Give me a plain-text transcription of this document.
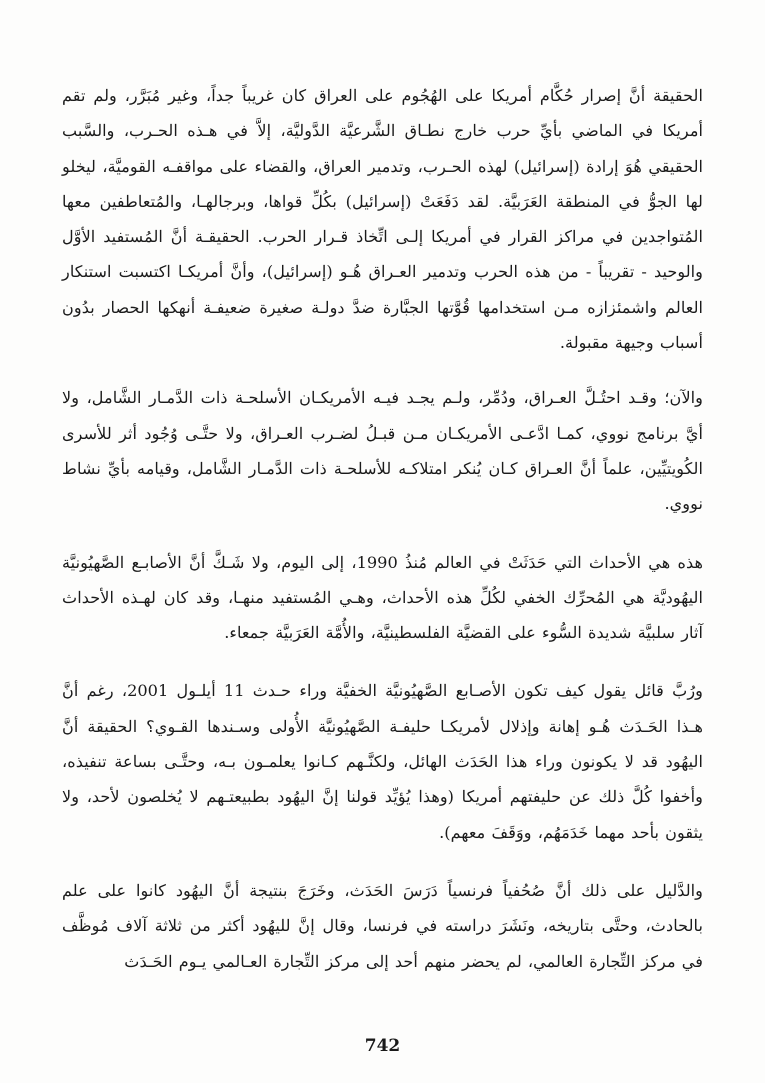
الحقيقة أنَّ إصرار حُكَّام أمريكا على الهُجُوم على العراق كان غريباً جداً، وغير مُبَرَّر، ولم تقم أمريكا في الماضي بأيِّ حرب خارج نطـاق الشَّرعيَّة الدَّوليَّة، إلاَّ في هـذه الحـرب، والسَّبب الحقيقي هُوَ إرادة (إسرائيل) لهذه الحـرب، وتدمير العراق، والقضاء على مواقفـه القوميَّة، ليخلو لها الجوُّ في المنطقة العَرَبيَّة. لقد دَفَعَتْ (إسرائيل) بكُلِّ قواها، وبرجالهـا، والمُتعاطفين معها المُتواجدين في مراكز القرار في أمريكا إلـى اتِّخاذ قـرار الحرب. الحقيقـة أنَّ المُستفيد الأوَّل والوحيد - تقريباً - من هذه الحرب وتدمير العـراق هُـو (إسرائيل)، وأنَّ أمريكـا اكتسبت استنكار العالم واشمئزازه مـن استخدامها قُوَّتها الجبَّارة ضدَّ دولـة صغيرة ضعيفـة أنهكها الحصار بدُون أسباب وجيهة مقبولة.

والآن؛ وقـد احتُـلَّ العـراق، ودُمِّر، ولـم يجـد فيـه الأمريكـان الأسلحـة ذات الدَّمـار الشَّامل، ولا أيَّ برنامج نووي، كمـا ادَّعـى الأمريكـان مـن قبـلُ لضـرب العـراق، ولا حتَّـى وُجُود أثر للأسرى الكُويتيِّين، علماً أنَّ العـراق كـان يُنكر امتلاكـه للأسلحـة ذات الدَّمـار الشَّامل، وقيامه بأيِّ نشاط نووي.

هذه هي الأحداث التي حَدَثَتْ في العالم مُنذُ 1990، إلى اليوم، ولا شَـكَّ أنَّ الأصابـع الصَّهيُونيَّة اليهُوديَّة هي المُحرِّك الخفي لكُلِّ هذه الأحداث، وهـي المُستفيد منهـا، وقد كان لهـذه الأحداث آثار سلبيَّة شديدة السُّوء على القضيَّة الفلسطينيَّة، والأُمَّة العَرَبيَّة جمعاء.

ورُبَّ قائل يقول كيف تكون الأصـابع الصَّهيُونيَّة الخفيَّة وراء حـدث 11 أيلـول 2001، رغم أنَّ هـذا الحَـدَث هُـو إهانة وإذلال لأمريكـا حليفـة الصَّهيُونيَّة الأُولى وسـندها القـوي؟ الحقيقة أنَّ اليهُود قد لا يكونون وراء هذا الحَدَث الهائل، ولكنَّـهم كـانوا يعلمـون بـه، وحتَّـى بساعة تنفيذه، وأخفوا كُلَّ ذلك عن حليفتهم أمريكا (وهذا يُؤيِّد قولنا إنَّ اليهُود بطبيعتـهم لا يُخلصون لأحد، ولا يثقون بأحد مهما خَدَمَهُم، ووَقَفَ معهم).

والدَّليل على ذلك أنَّ صُحُفياً فرنسياً دَرَسَ الحَدَث، وخَرَجَ بنتيجة أنَّ اليهُود كانوا على علم بالحادث، وحتَّى بتاريخه، ونَشَرَ دراسته في فرنسا، وقال إنَّ لليهُود أكثر من ثلاثة آلاف مُوظَّف في مركز التِّجارة العالمي، لم يحضر منهم أحد إلى مركز التِّجارة العـالمي يـوم الحَـدَث

742
